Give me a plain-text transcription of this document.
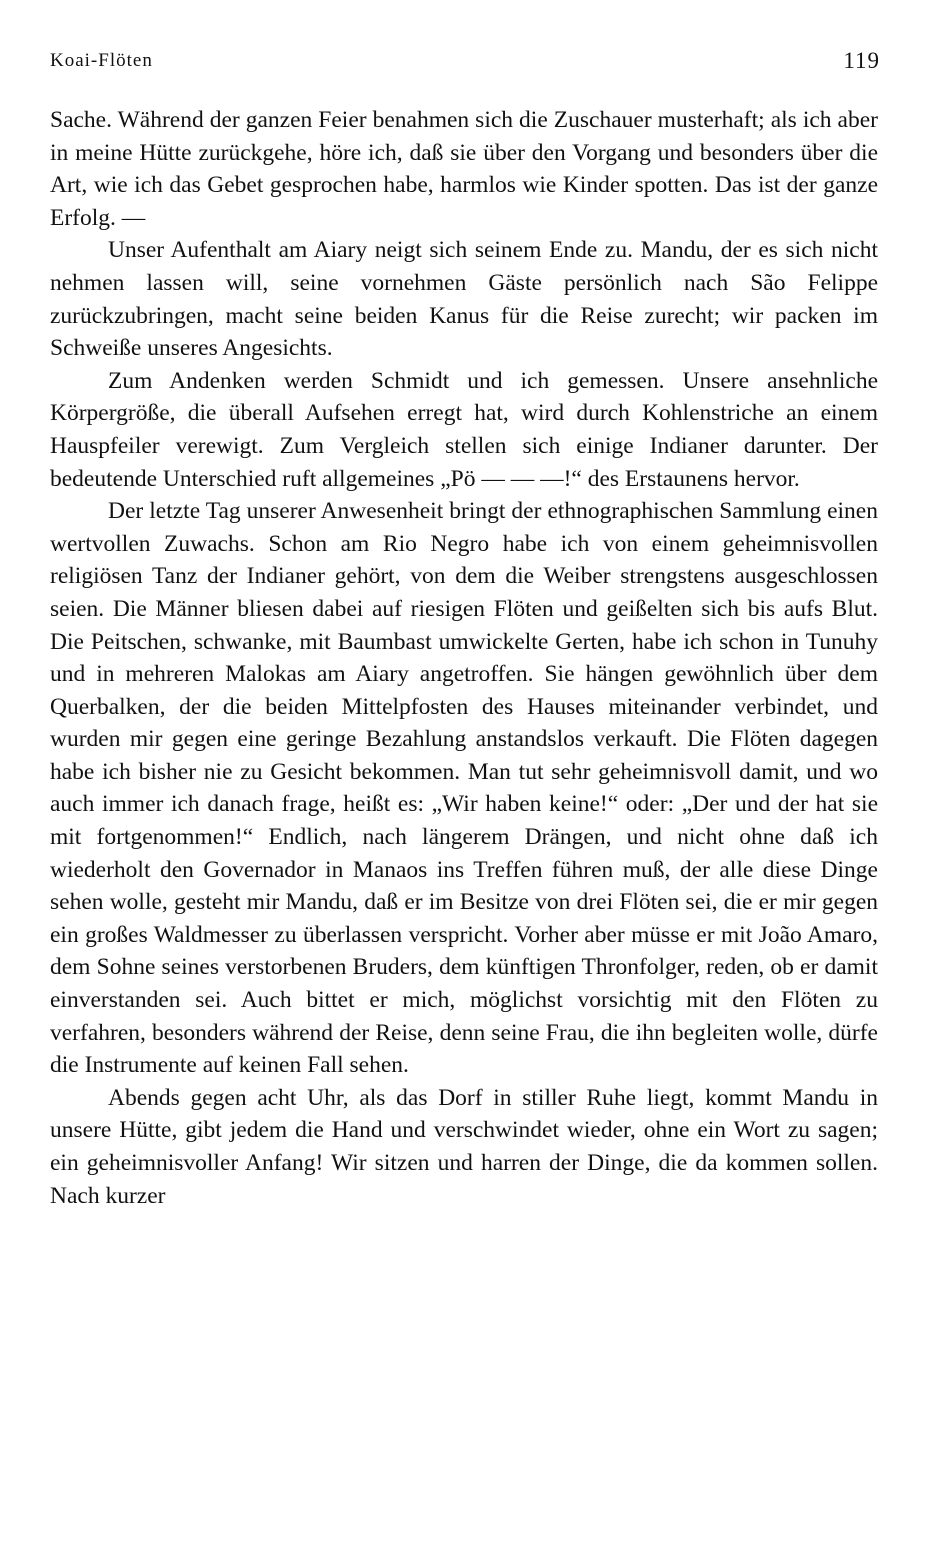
Koai-Flöten	119

Sache. Während der ganzen Feier benahmen sich die Zuschauer musterhaft; als ich aber in meine Hütte zurückgehe, höre ich, daß sie über den Vorgang und besonders über die Art, wie ich das Gebet gesprochen habe, harmlos wie Kinder spotten. Das ist der ganze Erfolg. —

Unser Aufenthalt am Aiary neigt sich seinem Ende zu. Mandu, der es sich nicht nehmen lassen will, seine vornehmen Gäste persönlich nach São Felippe zurückzubringen, macht seine beiden Kanus für die Reise zurecht; wir packen im Schweiße unseres Angesichts.

Zum Andenken werden Schmidt und ich gemessen. Unsere ansehnliche Körpergröße, die überall Aufsehen erregt hat, wird durch Kohlenstriche an einem Hauspfeiler verewigt. Zum Vergleich stellen sich einige Indianer darunter. Der bedeutende Unterschied ruft allgemeines „Pö — — —!“ des Erstaunens hervor.

Der letzte Tag unserer Anwesenheit bringt der ethnographischen Sammlung einen wertvollen Zuwachs. Schon am Rio Negro habe ich von einem geheimnisvollen religiösen Tanz der Indianer gehört, von dem die Weiber strengstens ausgeschlossen seien. Die Männer bliesen dabei auf riesigen Flöten und geißelten sich bis aufs Blut. Die Peitschen, schwanke, mit Baumbast umwickelte Gerten, habe ich schon in Tunuhy und in mehreren Malokas am Aiary angetroffen. Sie hängen gewöhnlich über dem Querbalken, der die beiden Mittelpfosten des Hauses miteinander verbindet, und wurden mir gegen eine geringe Bezahlung anstandslos verkauft. Die Flöten dagegen habe ich bisher nie zu Gesicht bekommen. Man tut sehr geheimnisvoll damit, und wo auch immer ich danach frage, heißt es: „Wir haben keine!“ oder: „Der und der hat sie mit fortgenommen!“ Endlich, nach längerem Drängen, und nicht ohne daß ich wiederholt den Governador in Manaos ins Treffen führen muß, der alle diese Dinge sehen wolle, gesteht mir Mandu, daß er im Besitze von drei Flöten sei, die er mir gegen ein großes Waldmesser zu überlassen verspricht. Vorher aber müsse er mit João Amaro, dem Sohne seines verstorbenen Bruders, dem künftigen Thronfolger, reden, ob er damit einverstanden sei. Auch bittet er mich, möglichst vorsichtig mit den Flöten zu verfahren, besonders während der Reise, denn seine Frau, die ihn begleiten wolle, dürfe die Instrumente auf keinen Fall sehen.

Abends gegen acht Uhr, als das Dorf in stiller Ruhe liegt, kommt Mandu in unsere Hütte, gibt jedem die Hand und verschwindet wieder, ohne ein Wort zu sagen; ein geheimnisvoller Anfang! Wir sitzen und harren der Dinge, die da kommen sollen. Nach kurzer
